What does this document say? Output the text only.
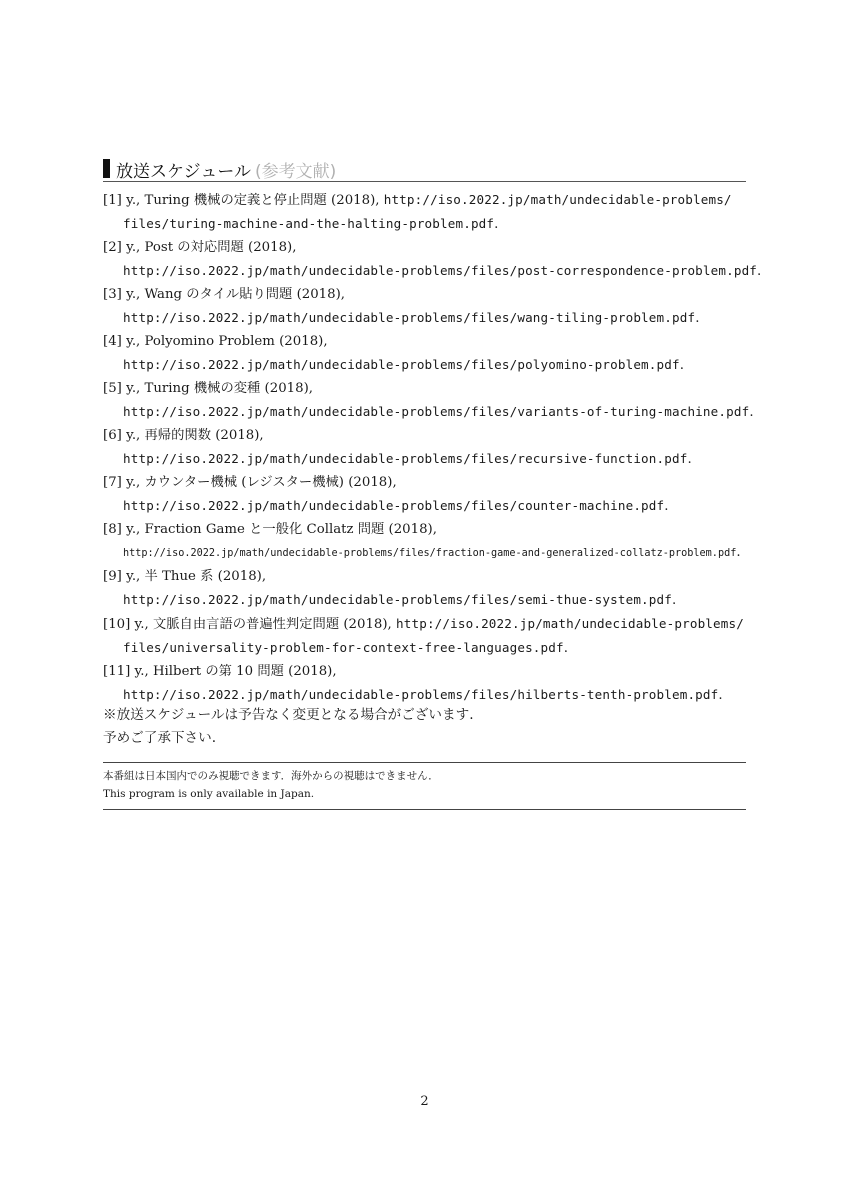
放送スケジュール (参考文献)
[1] y., Turing 機械の定義と停止問題 (2018), http://iso.2022.jp/math/undecidable-problems/
files/turing-machine-and-the-halting-problem.pdf.
[2] y., Post の対応問題 (2018),
http://iso.2022.jp/math/undecidable-problems/files/post-correspondence-problem.pdf.
[3] y., Wang のタイル貼り問題 (2018),
http://iso.2022.jp/math/undecidable-problems/files/wang-tiling-problem.pdf.
[4] y., Polyomino Problem (2018),
http://iso.2022.jp/math/undecidable-problems/files/polyomino-problem.pdf.
[5] y., Turing 機械の変種 (2018),
http://iso.2022.jp/math/undecidable-problems/files/variants-of-turing-machine.pdf.
[6] y., 再帰的関数 (2018),
http://iso.2022.jp/math/undecidable-problems/files/recursive-function.pdf.
[7] y., カウンター機械 (レジスター機械) (2018),
http://iso.2022.jp/math/undecidable-problems/files/counter-machine.pdf.
[8] y., Fraction Game と一般化 Collatz 問題 (2018),
http://iso.2022.jp/math/undecidable-problems/files/fraction-game-and-generalized-collatz-problem.pdf.
[9] y., 半 Thue 系 (2018),
http://iso.2022.jp/math/undecidable-problems/files/semi-thue-system.pdf.
[10] y., 文脈自由言語の普遍性判定問題 (2018), http://iso.2022.jp/math/undecidable-problems/
files/universality-problem-for-context-free-languages.pdf.
[11] y., Hilbert の第 10 問題 (2018),
http://iso.2022.jp/math/undecidable-problems/files/hilberts-tenth-problem.pdf.
※放送スケジュールは予告なく変更となる場合がございます.
予めご了承下さい.
本番組は日本国内でのみ視聴できます．海外からの視聴はできません．
This program is only available in Japan.
2
